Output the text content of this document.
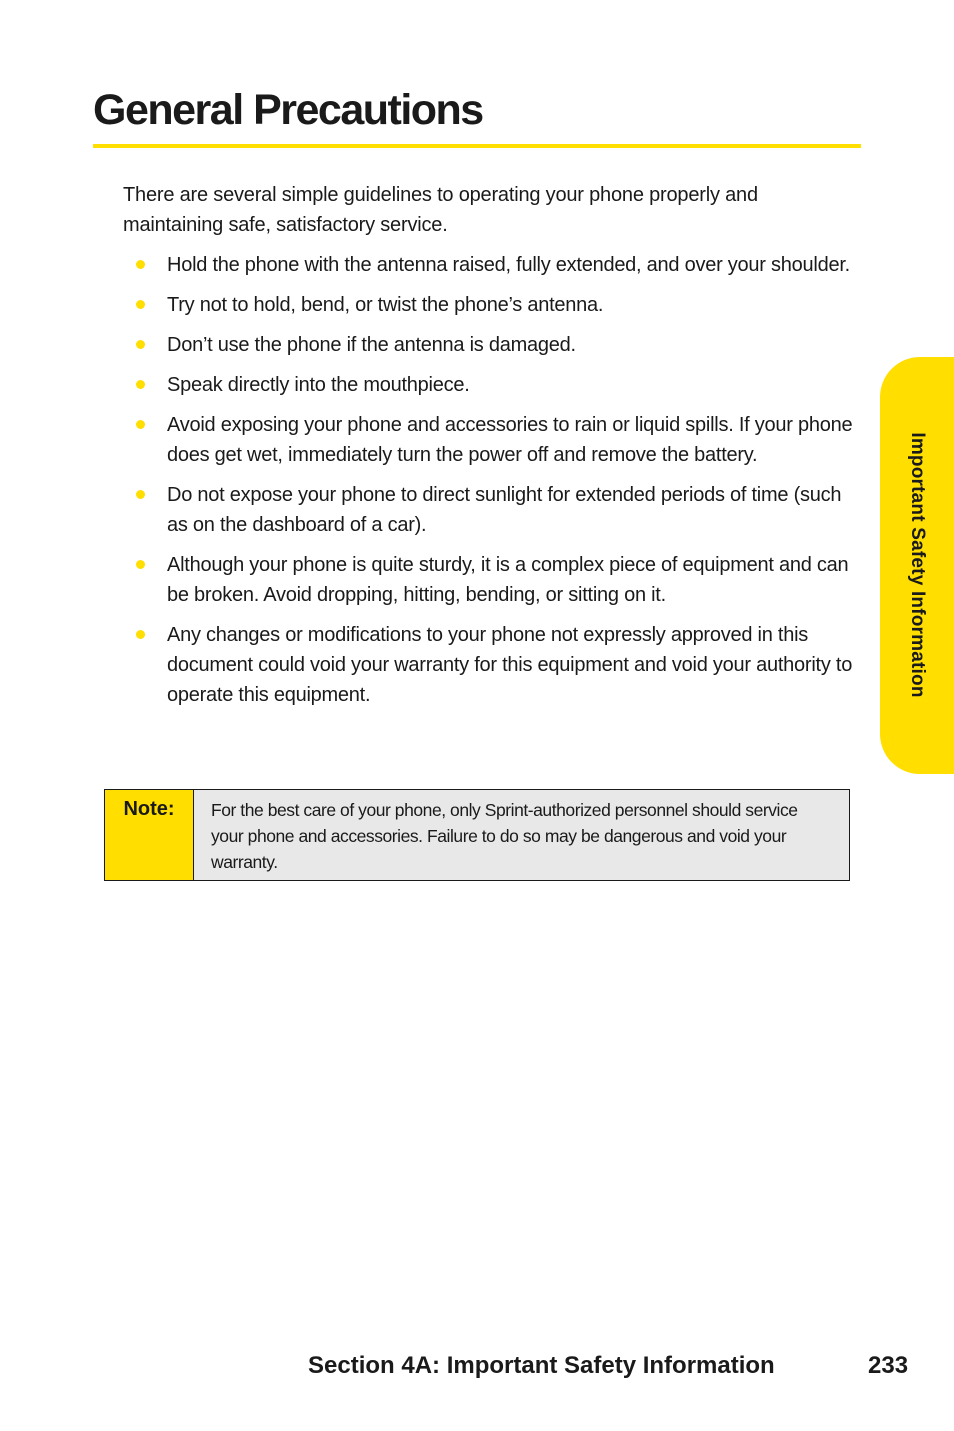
General Precautions

There are several simple guidelines to operating your phone properly and maintaining safe, satisfactory service.

Hold the phone with the antenna raised, fully extended, and over your shoulder.
Try not to hold, bend, or twist the phone’s antenna.
Don’t use the phone if the antenna is damaged.
Speak directly into the mouthpiece.
Avoid exposing your phone and accessories to rain or liquid spills. If your phone does get wet, immediately turn the power off and remove the battery.
Do not expose your phone to direct sunlight for extended periods of time (such as on the dashboard of a car).
Although your phone is quite sturdy, it is a complex piece of equipment and can be broken. Avoid dropping, hitting, bending, or sitting on it.
Any changes or modifications to your phone not expressly approved in this document could void your warranty for this equipment and void your authority to operate this equipment.
Note:	For the best care of your phone, only Sprint-authorized personnel should service your phone and accessories. Failure to do so may be dangerous and void your warranty.
Important Safety Information
Section 4A: Important Safety Information	233
